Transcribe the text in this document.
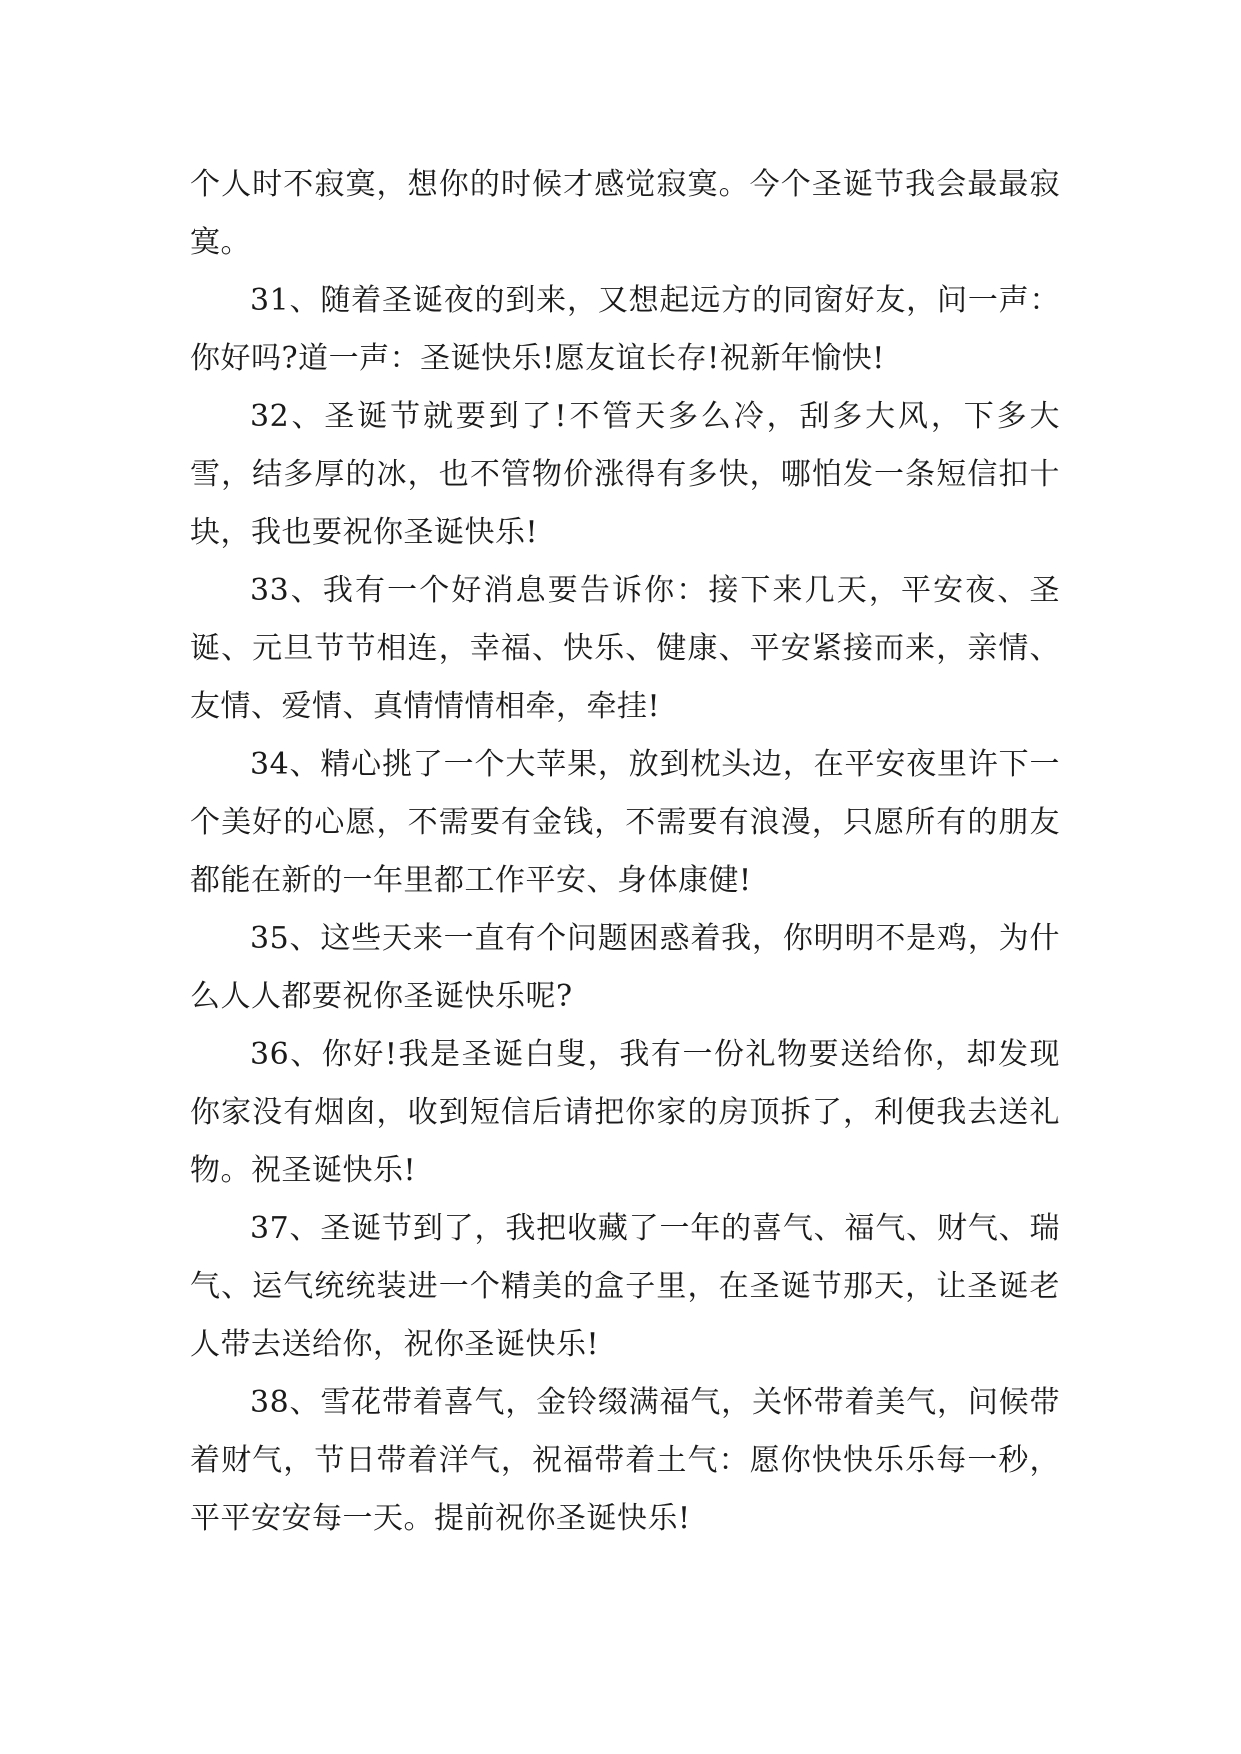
个人时不寂寞，想你的时候才感觉寂寞。今个圣诞节我会最最寂寞。

31、随着圣诞夜的到来，又想起远方的同窗好友，问一声：你好吗?道一声：圣诞快乐!愿友谊长存!祝新年愉快!

32、圣诞节就要到了!不管天多么冷，刮多大风，下多大雪，结多厚的冰，也不管物价涨得有多快，哪怕发一条短信扣十块，我也要祝你圣诞快乐!

33、我有一个好消息要告诉你：接下来几天，平安夜、圣诞、元旦节节相连，幸福、快乐、健康、平安紧接而来，亲情、友情、爱情、真情情情相牵，牵挂!

34、精心挑了一个大苹果，放到枕头边，在平安夜里许下一个美好的心愿，不需要有金钱，不需要有浪漫，只愿所有的朋友都能在新的一年里都工作平安、身体康健!

35、这些天来一直有个问题困惑着我，你明明不是鸡，为什么人人都要祝你圣诞快乐呢?

36、你好!我是圣诞白叟，我有一份礼物要送给你，却发现你家没有烟囱，收到短信后请把你家的房顶拆了，利便我去送礼物。祝圣诞快乐!

37、圣诞节到了，我把收藏了一年的喜气、福气、财气、瑞气、运气统统装进一个精美的盒子里，在圣诞节那天，让圣诞老人带去送给你，祝你圣诞快乐!

38、雪花带着喜气，金铃缀满福气，关怀带着美气，问候带着财气，节日带着洋气，祝福带着土气：愿你快快乐乐每一秒，平平安安每一天。提前祝你圣诞快乐!
